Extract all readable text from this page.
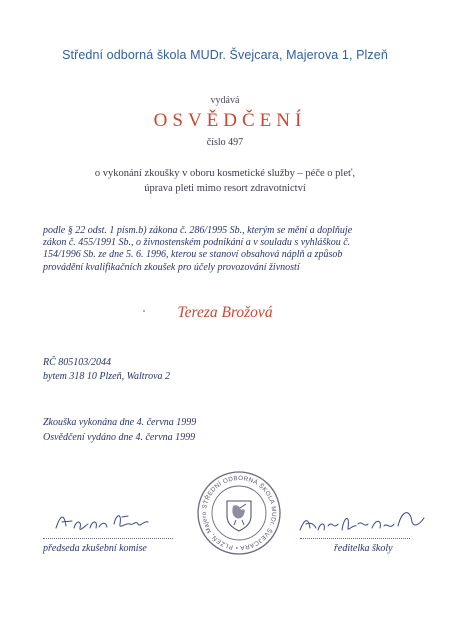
Střední odborná škola MUDr. Švejcara, Majerova 1, Plzeň
vydává
OSVĚDČENÍ
číslo 497
o vykonání zkoušky v oboru kosmetické služby – péče o pleť,
úprava pleti mimo resort zdravotnictví
podle § 22 odst. 1 písm.b) zákona č. 286/1995 Sb., kterým se mění a doplňuje
zákon č. 455/1991 Sb., o živnostenském podnikání a v souladu s vyhláškou č.
154/1996 Sb. ze dne 5. 6. 1996, kterou se stanoví obsahová náplň a způsob
provádění kvalifikačních zkoušek pro účely provozování živností
Tereza Brožová
RČ 805103/2044
bytem 318 10 Plzeň, Waltrova 2
Zkouška vykonána dne 4. června 1999
Osvědčení vydáno dne 4. června 1999
STŘEDNÍ ODBORNÁ ŠKOLA MUDr. ŠVEJCARA • PLZEŇ, Majero
předseda zkušební komise	ředitelka školy
